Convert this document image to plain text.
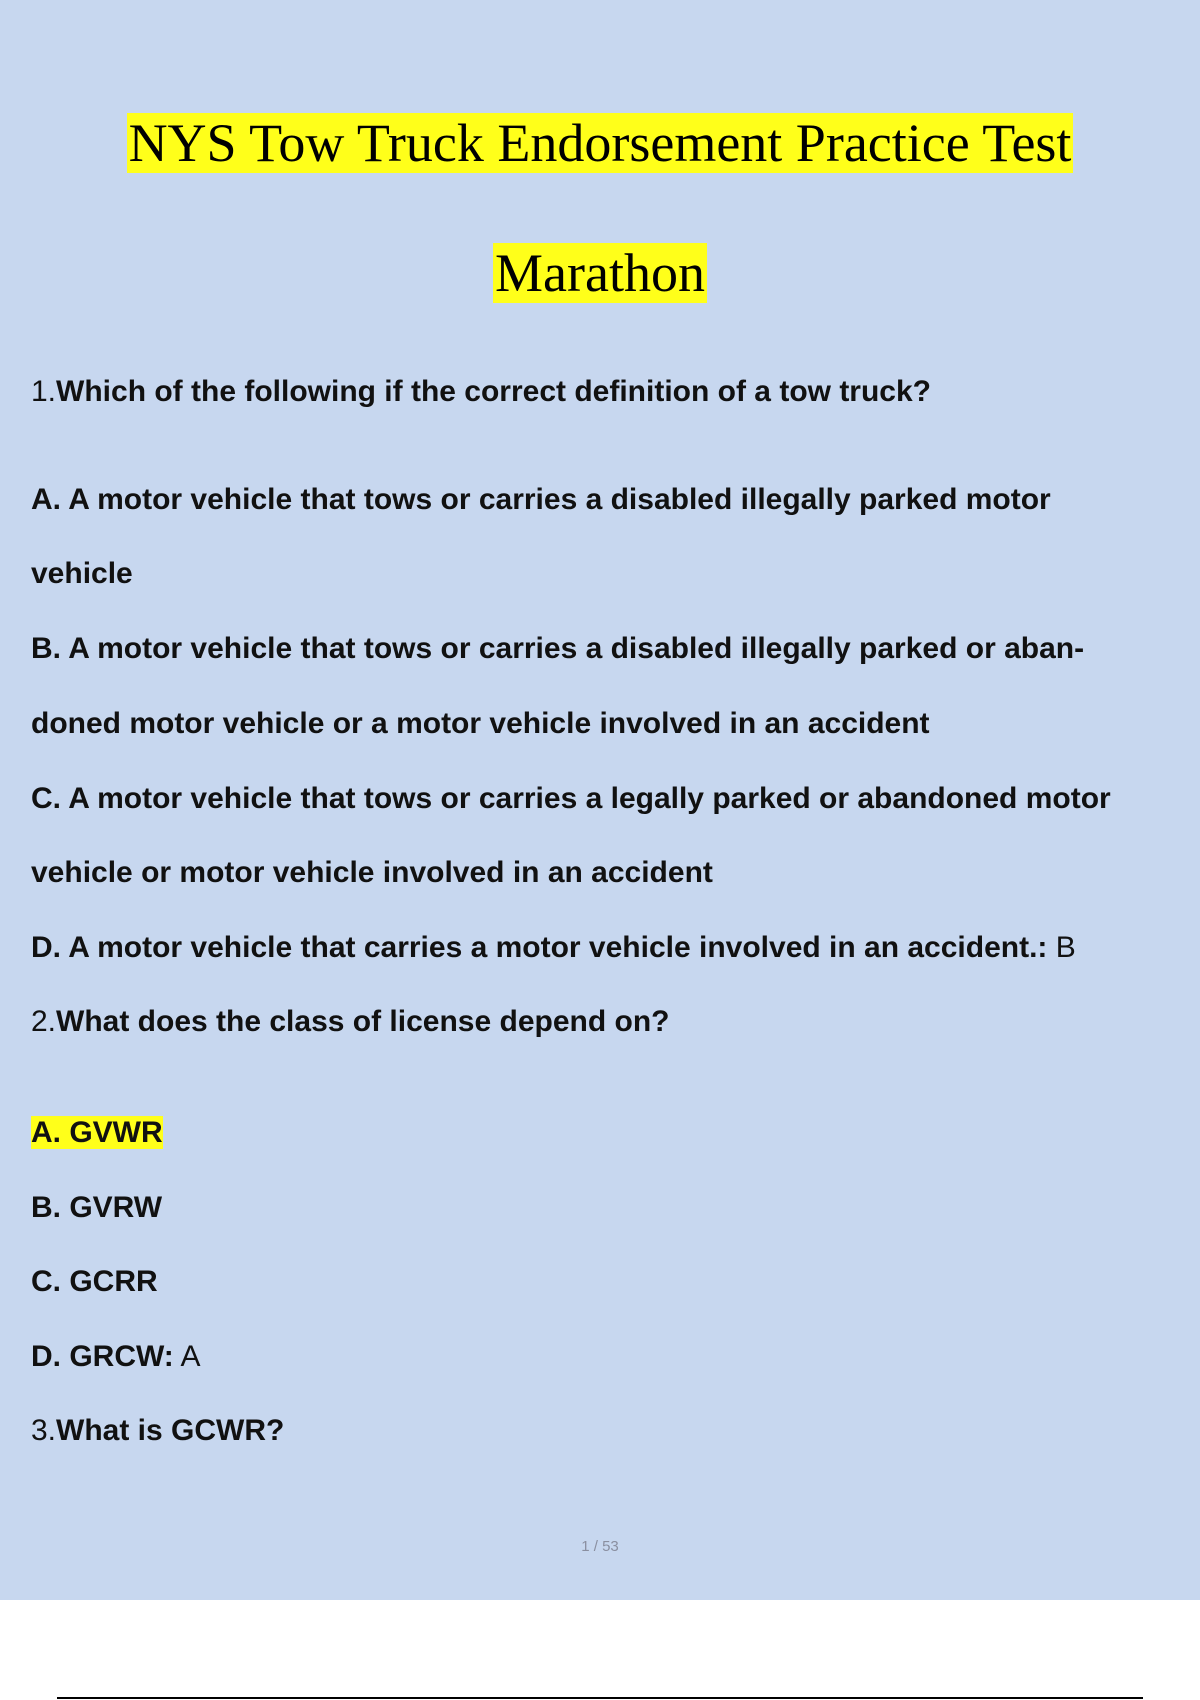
NYS Tow Truck Endorsement Practice Test
Marathon
1.Which of the following if the correct definition of a tow truck?
A. A motor vehicle that tows or carries a disabled illegally parked motor
vehicle
B. A motor vehicle that tows or carries a disabled illegally parked or aban-
doned motor vehicle or a motor vehicle involved in an accident
C. A motor vehicle that tows or carries a legally parked or abandoned motor
vehicle or motor vehicle involved in an accident
D. A motor vehicle that carries a motor vehicle involved in an accident.: B
2.What does the class of license depend on?
A. GVWR
B. GVRW
C. GCRR
D. GRCW: A
3.What is GCWR?
1 / 53
